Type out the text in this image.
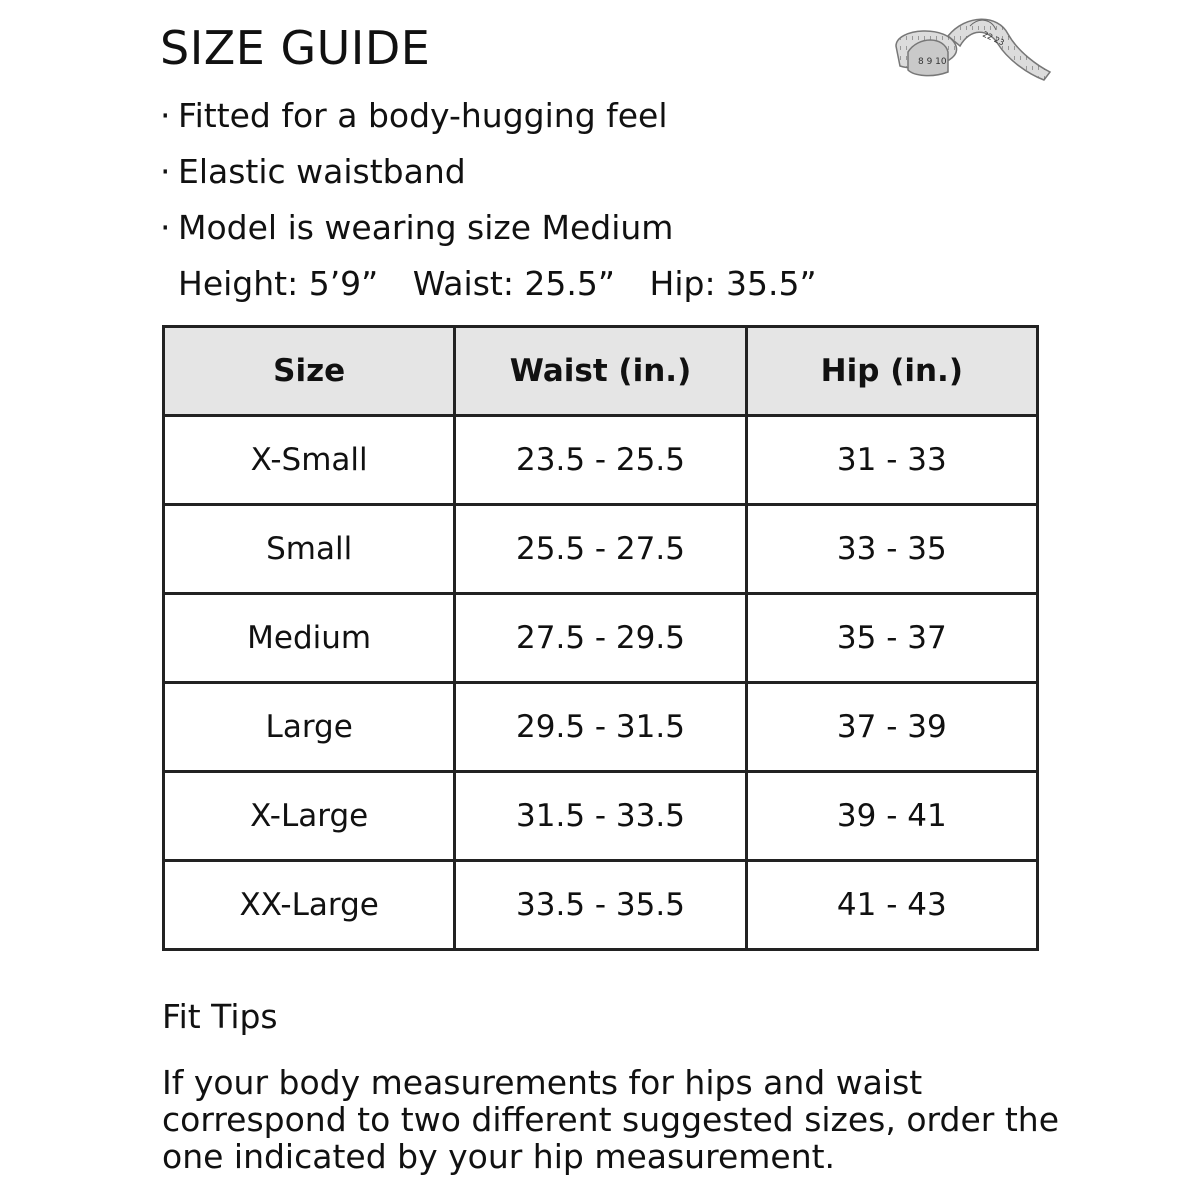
SIZE GUIDE	8 9 10
22 23
· Fitted for a body-hugging feel
· Elastic waistband
· Model is wearing size Medium
Height: 5’9” Waist: 25.5” Hip: 35.5”
Size	Waist (in.)	Hip (in.)
X-Small	23.5 - 25.5	31 - 33
Small	25.5 - 27.5	33 - 35
Medium	27.5 - 29.5	35 - 37
Large	29.5 - 31.5	37 - 39
X-Large	31.5 - 33.5	39 - 41
XX-Large	33.5 - 35.5	41 - 43

Fit Tips

If your body measurements for hips and waist correspond to two different suggested sizes, order the one indicated by your hip measurement.
